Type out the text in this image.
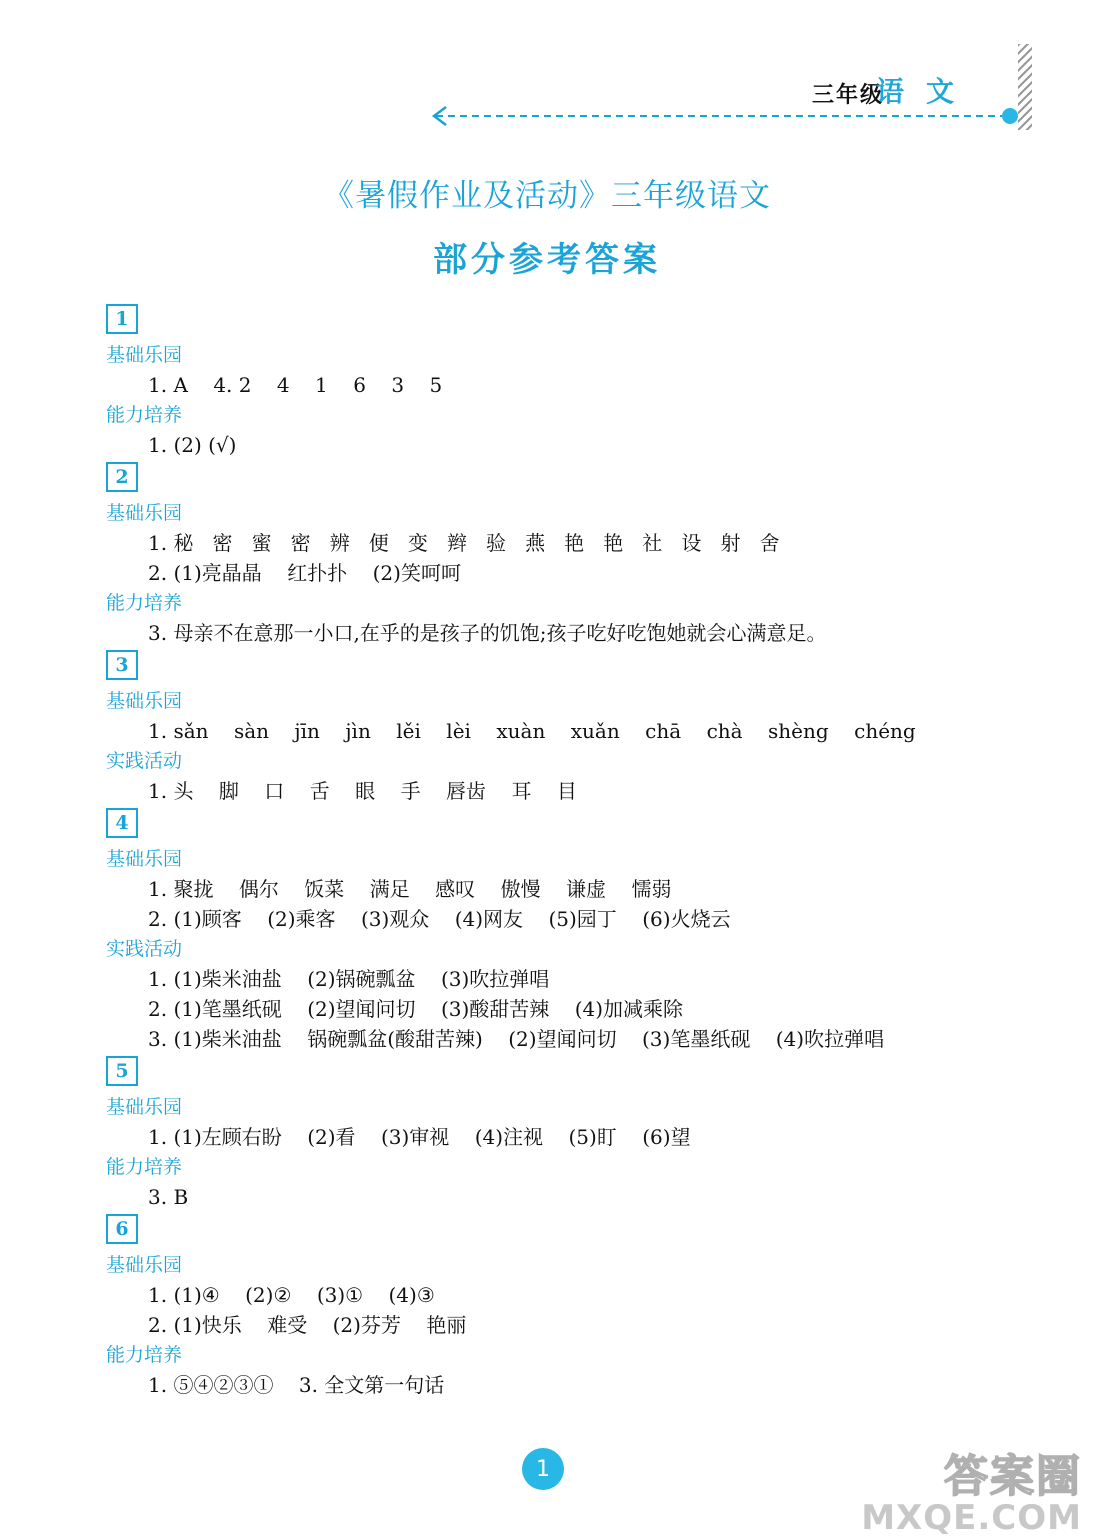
三年级
语文
《暑假作业及活动》三年级语文
部分参考答案
1
基础乐园
1. A    4. 2    4    1    6    3    5
能力培养
1. (2) (√)
2
基础乐园
1. 秘   密   蜜   密   辨   便   变   辫   验   燕   艳   艳   社   设   射   舍
2. (1)亮晶晶    红扑扑    (2)笑呵呵
能力培养
3. 母亲不在意那一小口,在乎的是孩子的饥饱;孩子吃好吃饱她就会心满意足。
3
基础乐园
1. sǎn    sàn    jīn    jìn    lěi    lèi    xuàn    xuǎn    chā    chà    shèng    chéng
实践活动
1. 头    脚    口    舌    眼    手    唇齿    耳    目
4
基础乐园
1. 聚拢    偶尔    饭菜    满足    感叹    傲慢    谦虚    懦弱
2. (1)顾客    (2)乘客    (3)观众    (4)网友    (5)园丁    (6)火烧云
实践活动
1. (1)柴米油盐    (2)锅碗瓢盆    (3)吹拉弹唱
2. (1)笔墨纸砚    (2)望闻问切    (3)酸甜苦辣    (4)加减乘除
3. (1)柴米油盐    锅碗瓢盆(酸甜苦辣)    (2)望闻问切    (3)笔墨纸砚    (4)吹拉弹唱
5
基础乐园
1. (1)左顾右盼    (2)看    (3)审视    (4)注视    (5)盯    (6)望
能力培养
3. B
6
基础乐园
1. (1)④    (2)②    (3)①    (4)③
2. (1)快乐    难受    (2)芬芳    艳丽
能力培养
1. ⑤④②③①    3. 全文第一句话
1	答案圈
MXQE.COM
